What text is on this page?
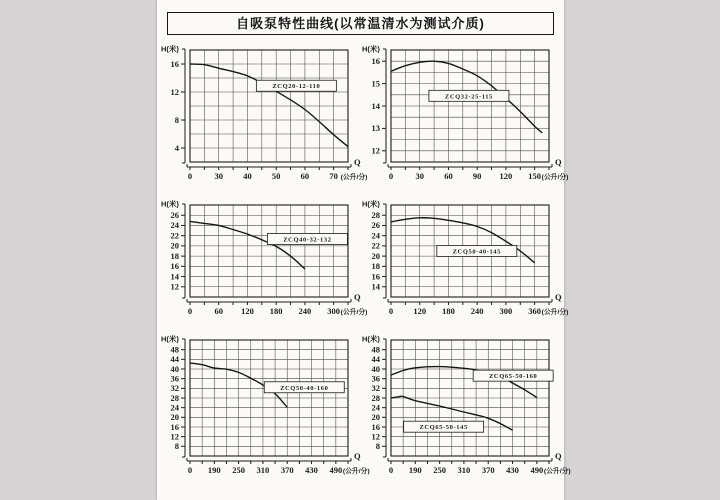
自吸泵特性曲线(以常温清水为测试介质)
16
12
8
4
H(米)
0	30 40 50 60 70 (公升/分)
Q
ZCQ20-12-110
16
15
14
13
12
H(米)
0	30 60 90 120 150 (公升/分)
Q
ZCQ32-25-115
26
24
22
20
18
16
14
12
H(米)
0	60 120 180 240 300 (公升/分)
Q
ZCQ40-32-132
28
26
24
22
20
18
16
14
H(米)
0 120 180 240 300 360 (公升/分)
Q
ZCQ50-40-145
48
44
40
36
32
28
24
20
16
12
8
H(米)
0 190 250 310 370 430 490 (公升/分)
Q
ZCQ50-40-160
48
44
40
36
32
28
24
20
16
12
8
H(米)
0 190 250 310 370 430 490 (公升/分)
Q
ZCQ65-50-160
ZCQ65-50-145
